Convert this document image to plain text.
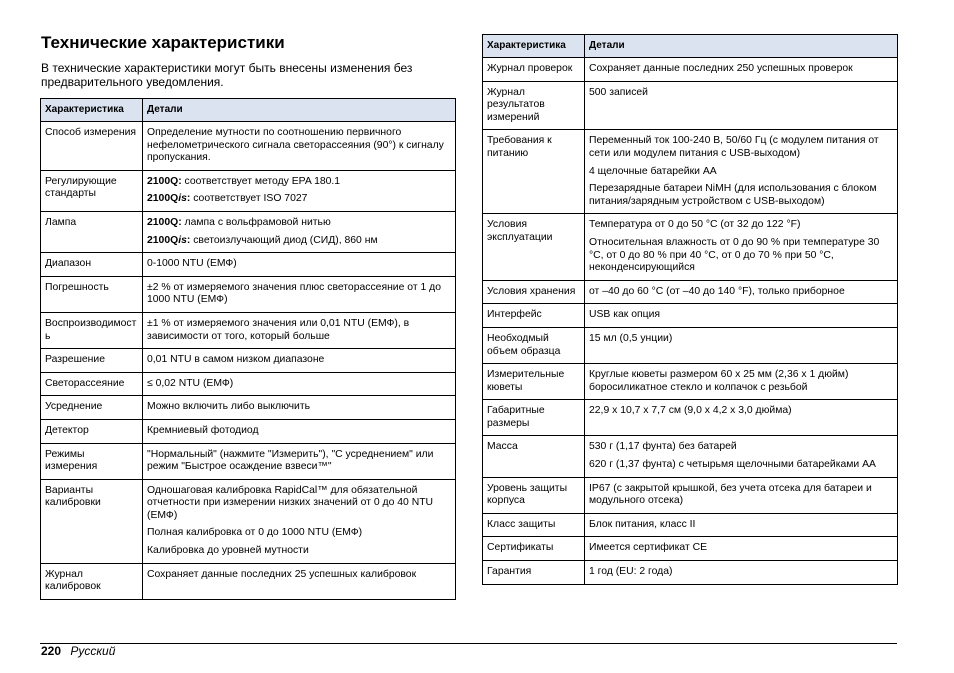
Технические характеристики

В технические характеристики могут быть внесены изменения без предварительного уведомления.

Характеристика	Детали
Способ измерения	Определение мутности по соотношению первичного нефелометрического сигнала светорассеяния (90°) к сигналу пропускания.

Регулирующие стандарты	2100Q: соответствует методу EPA 180.1

2100Qis: соответствует ISO 7027

Лампа	2100Q: лампа с вольфрамовой нитью

2100Qis: светоизлучающий диод (СИД), 860 нм

Диапазон	0-1000 NTU (ЕМФ)

Погрешность	±2 % от измеряемого значения плюс светорассеяние от 1 до 1000 NTU (ЕМФ)

Воспроизводимость	±1 % от измеряемого значения или 0,01 NTU (ЕМФ), в зависимости от того, который больше

Разрешение	0,01 NTU в самом низком диапазоне

Светорассеяние	≤ 0,02 NTU (ЕМФ)

Усреднение	Можно включить либо выключить

Детектор	Кремниевый фотодиод

Режимы измерения	"Нормальный" (нажмите "Измерить"), "С усреднением" или режим "Быстрое осаждение взвеси™"

Варианты калибровки	Одношаговая калибровка RapidCal™ для обязательной отчетности при измерении низких значений от 0 до 40 NTU (ЕМФ)

Полная калибровка от 0 до 1000 NTU (ЕМФ)

Калибровка до уровней мутности

Журнал калибровок	Сохраняет данные последних 25 успешных калибровок

Характеристика	Детали
Журнал проверок	Сохраняет данные последних 250 успешных проверок

Журнал результатов измерений	500 записей

Требования к питанию	Переменный ток 100-240 В, 50/60 Гц (с модулем питания от сети или модулем питания с USB-выходом)

4 щелочные батарейки AA

Перезарядные батареи NiMH (для использования с блоком питания/зарядным устройством с USB-выходом)

Условия эксплуатации	Температура от 0 до 50 °C (от 32 до 122 °F)

Относительная влажность от 0 до 90 % при температуре 30 °C, от 0 до 80 % при 40 °C, от 0 до 70 % при 50 °C, неконденсирующийся

Условия хранения	от –40 до 60 °C (от –40 до 140 °F), только приборное

Интерфейс	USB как опция

Необходмый объем образца	15 мл (0,5 унции)

Измерительные кюветы	Круглые кюветы размером 60 x 25 мм (2,36 x 1 дюйм) боросиликатное стекло и колпачок с резьбой

Габаритные размеры	22,9 x 10,7 x 7,7 см (9,0 x 4,2 x 3,0 дюйма)

Масса	530 г (1,17 фунта) без батарей

620 г (1,37 фунта) с четырьмя щелочными батарейками AA

Уровень защиты корпуса	IP67 (с закрытой крышкой, без учета отсека для батареи и модульного отсека)

Класс защиты	Блок питания, класс II

Сертификаты	Имеется сертификат CE

Гарантия	1 год (EU: 2 года)

220 Русский
